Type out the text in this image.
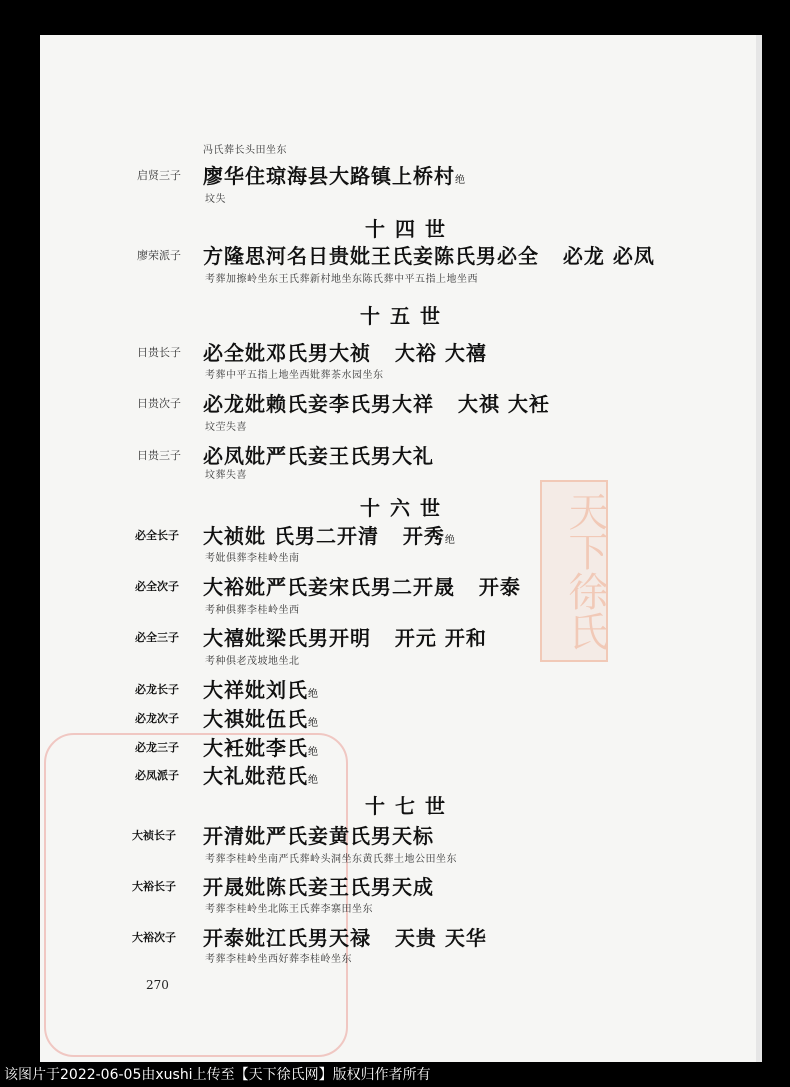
天下徐氏
冯氏葬长头田坐东
启贤三子 廖华住琼海县大路镇上桥村绝
坟失
十四世
廖荣派子 方隆思河名日贵妣王氏妾陈氏男必全 必龙 必凤
考葬加擦岭坐东王氏葬新村地坐东陈氏葬中平五指上地坐西
十五世
日贵长子 必全妣邓氏男大祯 大裕 大禧
考葬中平五指上地坐西妣葬茶水园坐东
日贵次子 必龙妣赖氏妾李氏男大祥 大祺 大衽
坟茔失喜
日贵三子 必凤妣严氏妾王氏男大礼
坟葬失喜
十六世
必全长子 大祯妣 氏男二开清 开秀绝
考妣俱葬李桂岭坐南
必全次子 大裕妣严氏妾宋氏男二开晟 开泰
考种俱葬李桂岭坐西
必全三子 大禧妣梁氏男开明 开元 开和
考种俱老茂坡地坐北
必龙长子 大祥妣刘氏绝
必龙次子 大祺妣伍氏绝
必龙三子 大衽妣李氏绝
必凤派子 大礼妣范氏绝
十七世
大祯长子 开清妣严氏妾黄氏男天标
考葬李桂岭坐南严氏葬岭头洞坐东黄氏葬土地公田坐东
大裕长子 开晟妣陈氏妾王氏男天成
考葬李桂岭坐北陈王氏葬李寨田坐东
大裕次子 开泰妣江氏男天禄 天贵 天华
考葬李桂岭坐西好葬李桂岭坐东
270
该图片于2022-06-05由xushi上传至【天下徐氏网】版权归作者所有
